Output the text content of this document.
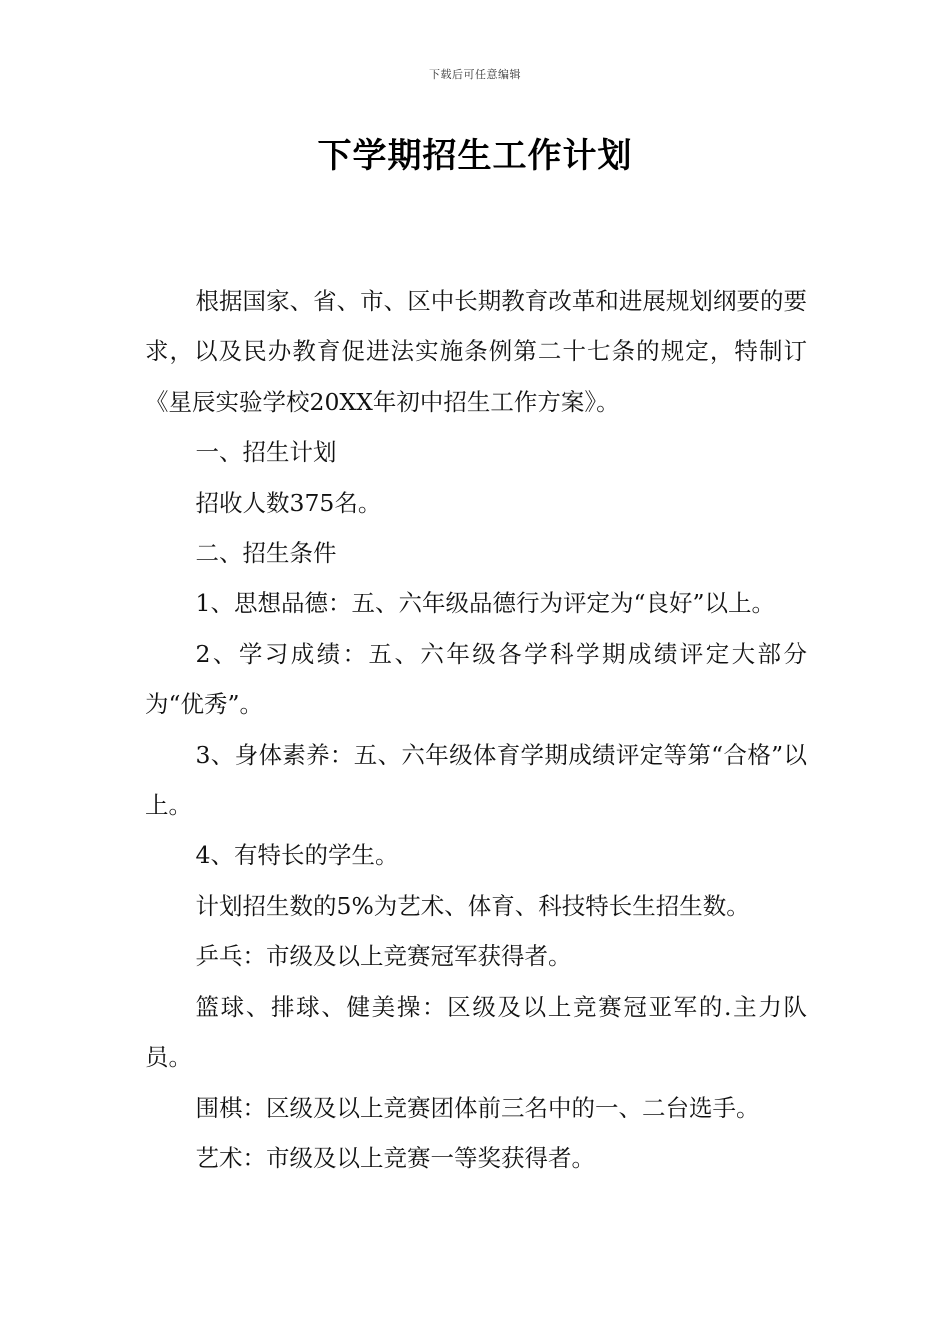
下载后可任意编辑
下学期招生工作计划

根据国家、省、市、区中长期教育改革和进展规划纲要的要求，以及民办教育促进法实施条例第二十七条的规定，特制订《星辰实验学校20XX年初中招生工作方案》。

一、招生计划

招收人数375名。

二、招生条件

1、思想品德：五、六年级品德行为评定为“良好”以上。

2、学习成绩：五、六年级各学科学期成绩评定大部分为“优秀”。

3、身体素养：五、六年级体育学期成绩评定等第“合格”以上。

4、有特长的学生。

计划招生数的5%为艺术、体育、科技特长生招生数。

乒乓：市级及以上竞赛冠军获得者。

篮球、排球、健美操：区级及以上竞赛冠亚军的.主力队员。

围棋：区级及以上竞赛团体前三名中的一、二台选手。

艺术：市级及以上竞赛一等奖获得者。
